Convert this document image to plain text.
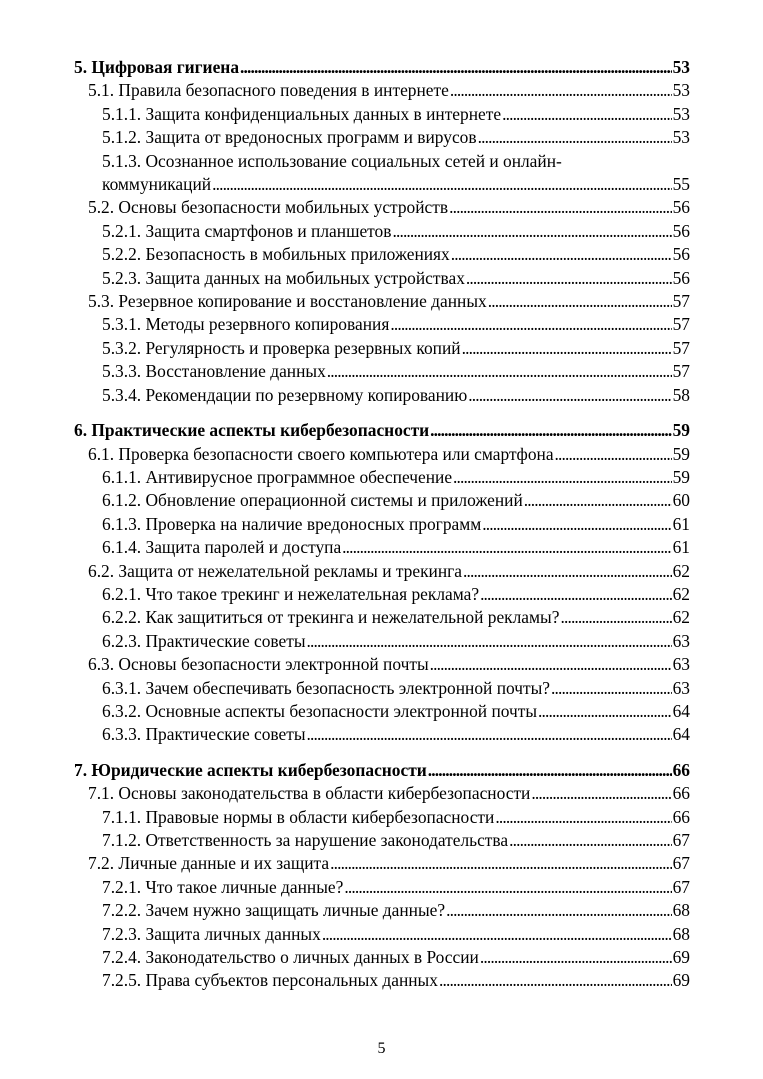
5. Цифровая гигиена . . .	53
5.1. Правила безопасного поведения в интернете . . .	53
5.1.1. Защита конфиденциальных данных в интернете . . .	53
5.1.2. Защита от вредоносных программ и вирусов . . .	53
5.1.3. Осознанное использование социальных сетей и онлайн-
коммуникаций . . .	55
5.2. Основы безопасности мобильных устройств . . .	56
5.2.1. Защита смартфонов и планшетов . . .	56
5.2.2. Безопасность в мобильных приложениях . . .	56
5.2.3. Защита данных на мобильных устройствах . . .	56
5.3. Резервное копирование и восстановление данных . . .	57
5.3.1. Методы резервного копирования . . .	57
5.3.2. Регулярность и проверка резервных копий . . .	57
5.3.3. Восстановление данных . . .	57
5.3.4. Рекомендации по резервному копированию . . .	58
6. Практические аспекты кибербезопасности . . .	59
6.1. Проверка безопасности своего компьютера или смартфона . . .	59
6.1.1. Антивирусное программное обеспечение . . .	59
6.1.2. Обновление операционной системы и приложений . . .	60
6.1.3. Проверка на наличие вредоносных программ . . .	61
6.1.4. Защита паролей и доступа . . .	61
6.2. Защита от нежелательной рекламы и трекинга . . .	62
6.2.1. Что такое трекинг и нежелательная реклама? . . .	62
6.2.2. Как защититься от трекинга и нежелательной рекламы? . . .	62
6.2.3. Практические советы . . .	63
6.3. Основы безопасности электронной почты . . .	63
6.3.1. Зачем обеспечивать безопасность электронной почты? . . .	63
6.3.2. Основные аспекты безопасности электронной почты . . .	64
6.3.3. Практические советы . . .	64
7. Юридические аспекты кибербезопасности . . .	66
7.1. Основы законодательства в области кибербезопасности . . .	66
7.1.1. Правовые нормы в области кибербезопасности . . .	66
7.1.2. Ответственность за нарушение законодательства . . .	67
7.2. Личные данные и их защита . . .	67
7.2.1. Что такое личные данные? . . .	67
7.2.2. Зачем нужно защищать личные данные? . . .	68
7.2.3. Защита личных данных . . .	68
7.2.4. Законодательство о личных данных в России . . .	69
7.2.5. Права субъектов персональных данных . . .	69
5
